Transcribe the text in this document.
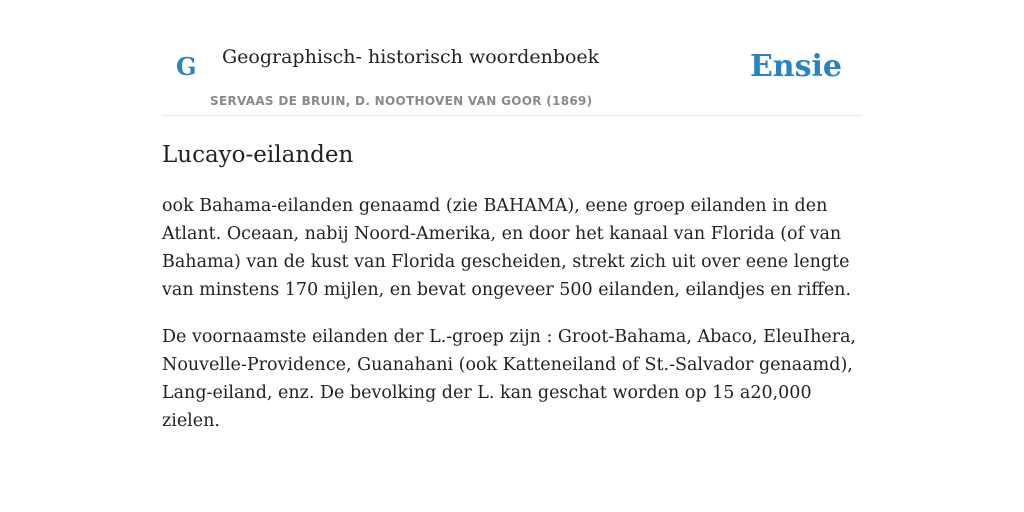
G Geographisch- historisch woordenboek
SERVAAS DE BRUIN, D. NOOTHOVEN VAN GOOR (1869)
Ensie
Lucayo-eilanden

ook Bahama-eilanden genaamd (zie BAHAMA), eene groep eilanden in den Atlant. Oceaan, nabij Noord-Amerika, en door het kanaal van Florida (of van Bahama) van de kust van Florida gescheiden, strekt zich uit over eene lengte van minstens 170 mijlen, en bevat ongeveer 500 eilanden, eilandjes en riffen.

De voornaamste eilanden der L.-groep zijn : Groot-Bahama, Abaco, EleuIhera, Nouvelle-Providence, Guanahani (ook Katteneiland of St.-Salvador genaamd), Lang-eiland, enz. De bevolking der L. kan geschat worden op 15 a20,000 zielen.
